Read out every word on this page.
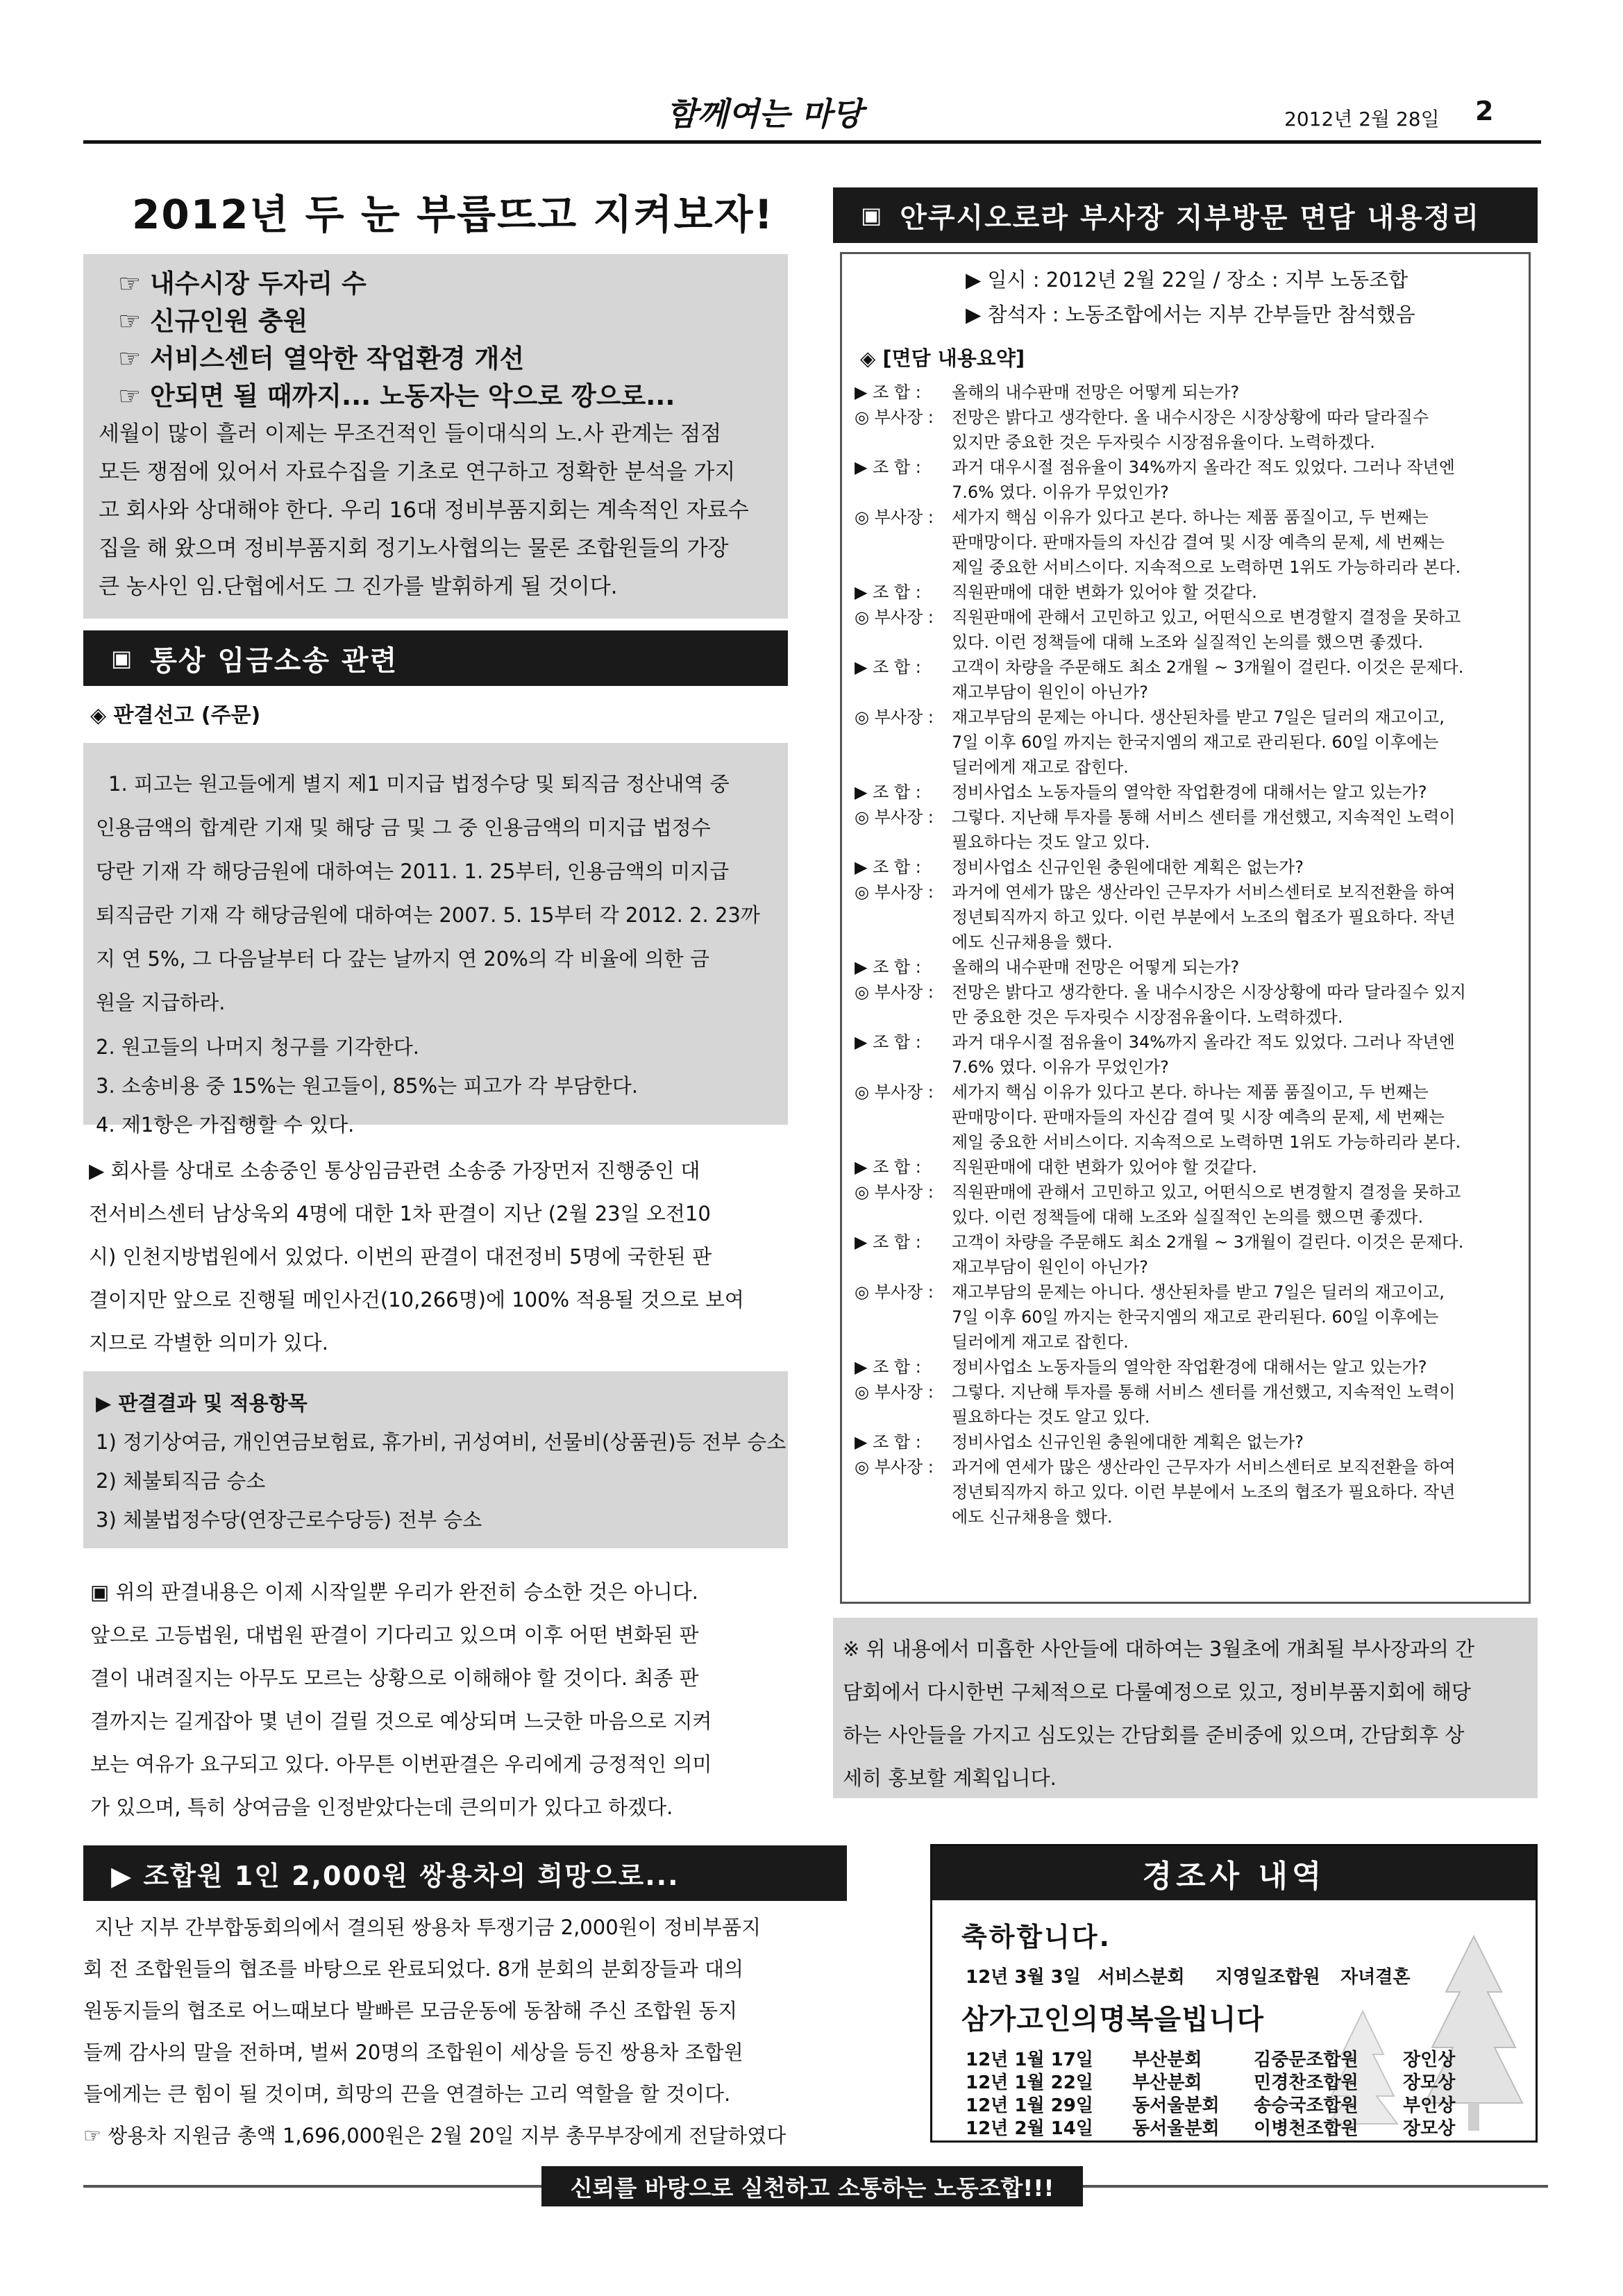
함께여는 마당	2012년 2월 28일 2
2012년 두 눈 부릅뜨고 지켜보자!
☞ 내수시장 두자리 수
☞ 신규인원 충원
☞ 서비스센터 열악한 작업환경 개선
☞ 안되면 될 때까지... 노동자는 악으로 깡으로...
세월이 많이 흘러 이제는 무조건적인 들이대식의 노.사 관계는 점점
모든 쟁점에 있어서 자료수집을 기초로 연구하고 정확한 분석을 가지
고 회사와 상대해야 한다. 우리 16대 정비부품지회는 계속적인 자료수
집을 해 왔으며 정비부품지회 정기노사협의는 물론 조합원들의 가장
큰 농사인 임.단협에서도 그 진가를 발휘하게 될 것이다.
▣ 통상 임금소송 관련
◈ 판결선고 (주문)
1. 피고는 원고들에게 별지 제1 미지급 법정수당 및 퇴직금 정산내역 중
인용금액의 합계란 기재 및 해당 금 및 그 중 인용금액의 미지급 법정수
당란 기재 각 해당금원에 대하여는 2011. 1. 25부터, 인용금액의 미지급
퇴직금란 기재 각 해당금원에 대하여는 2007. 5. 15부터 각 2012. 2. 23까
지 연 5%, 그 다음날부터 다 갚는 날까지 연 20%의 각 비율에 의한 금
원을 지급하라.
2. 원고들의 나머지 청구를 기각한다.
3. 소송비용 중 15%는 원고들이, 85%는 피고가 각 부담한다.
4. 제1항은 가집행할 수 있다.
▶ 회사를 상대로 소송중인 통상임금관련 소송중 가장먼저 진행중인 대
전서비스센터 남상욱외 4명에 대한 1차 판결이 지난 (2월 23일 오전10
시) 인천지방법원에서 있었다. 이번의 판결이 대전정비 5명에 국한된 판
결이지만 앞으로 진행될 메인사건(10,266명)에 100% 적용될 것으로 보여
지므로 각별한 의미가 있다.
▶ 판결결과 및 적용항목
1) 정기상여금, 개인연금보험료, 휴가비, 귀성여비, 선물비(상품권)등 전부 승소
2) 체불퇴직금 승소
3) 체불법정수당(연장근로수당등) 전부 승소
▣ 위의 판결내용은 이제 시작일뿐 우리가 완전히 승소한 것은 아니다.
앞으로 고등법원, 대법원 판결이 기다리고 있으며 이후 어떤 변화된 판
결이 내려질지는 아무도 모르는 상황으로 이해해야 할 것이다. 최종 판
결까지는 길게잡아 몇 년이 걸릴 것으로 예상되며 느긋한 마음으로 지켜
보는 여유가 요구되고 있다. 아무튼 이번판결은 우리에게 긍정적인 의미
가 있으며, 특히 상여금을 인정받았다는데 큰의미가 있다고 하겠다.
▣ 안쿠시오로라 부사장 지부방문 면담 내용정리
▶ 일시 : 2012년 2월 22일 / 장소 : 지부 노동조합
▶ 참석자 : 노동조합에서는 지부 간부들만 참석했음
◈ [면담 내용요약]
▶ 조 합 :	올해의 내수판매 전망은 어떻게 되는가?
◎ 부사장 :	전망은 밝다고 생각한다. 올 내수시장은 시장상황에 따라 달라질수
있지만 중요한 것은 두자릿수 시장점유율이다. 노력하겠다.
▶ 조 합 :	과거 대우시절 점유율이 34%까지 올라간 적도 있었다. 그러나 작년엔
7.6% 였다. 이유가 무었인가?
◎ 부사장 :	세가지 핵심 이유가 있다고 본다. 하나는 제품 품질이고, 두 번째는
판매망이다. 판매자들의 자신감 결여 및 시장 예측의 문제, 세 번째는
제일 중요한 서비스이다. 지속적으로 노력하면 1위도 가능하리라 본다.
▶ 조 합 :	직원판매에 대한 변화가 있어야 할 것같다.
◎ 부사장 :	직원판매에 관해서 고민하고 있고, 어떤식으로 변경할지 결정을 못하고
있다. 이런 정책들에 대해 노조와 실질적인 논의를 했으면 좋겠다.
▶ 조 합 :	고객이 차량을 주문해도 최소 2개월 ~ 3개월이 걸린다. 이것은 문제다.
재고부담이 원인이 아닌가?
◎ 부사장 :	재고부담의 문제는 아니다. 생산된차를 받고 7일은 딜러의 재고이고,
7일 이후 60일 까지는 한국지엠의 재고로 관리된다. 60일 이후에는
딜러에게 재고로 잡힌다.
▶ 조 합 :	정비사업소 노동자들의 열악한 작업환경에 대해서는 알고 있는가?
◎ 부사장 :	그렇다. 지난해 투자를 통해 서비스 센터를 개선했고, 지속적인 노력이
필요하다는 것도 알고 있다.
▶ 조 합 :	정비사업소 신규인원 충원에대한 계획은 없는가?
◎ 부사장 :	과거에 연세가 많은 생산라인 근무자가 서비스센터로 보직전환을 하여
정년퇴직까지 하고 있다. 이런 부분에서 노조의 협조가 필요하다. 작년
에도 신규채용을 했다.
▶ 조 합 :	올해의 내수판매 전망은 어떻게 되는가?
◎ 부사장 :	전망은 밝다고 생각한다. 올 내수시장은 시장상황에 따라 달라질수 있지
만 중요한 것은 두자릿수 시장점유율이다. 노력하겠다.
▶ 조 합 :	과거 대우시절 점유율이 34%까지 올라간 적도 있었다. 그러나 작년엔
7.6% 였다. 이유가 무었인가?
◎ 부사장 :	세가지 핵심 이유가 있다고 본다. 하나는 제품 품질이고, 두 번째는
판매망이다. 판매자들의 자신감 결여 및 시장 예측의 문제, 세 번째는
제일 중요한 서비스이다. 지속적으로 노력하면 1위도 가능하리라 본다.
▶ 조 합 :	직원판매에 대한 변화가 있어야 할 것같다.
◎ 부사장 :	직원판매에 관해서 고민하고 있고, 어떤식으로 변경할지 결정을 못하고
있다. 이런 정책들에 대해 노조와 실질적인 논의를 했으면 좋겠다.
▶ 조 합 :	고객이 차량을 주문해도 최소 2개월 ~ 3개월이 걸린다. 이것은 문제다.
재고부담이 원인이 아닌가?
◎ 부사장 :	재고부담의 문제는 아니다. 생산된차를 받고 7일은 딜러의 재고이고,
7일 이후 60일 까지는 한국지엠의 재고로 관리된다. 60일 이후에는
딜러에게 재고로 잡힌다.
▶ 조 합 :	정비사업소 노동자들의 열악한 작업환경에 대해서는 알고 있는가?
◎ 부사장 :	그렇다. 지난해 투자를 통해 서비스 센터를 개선했고, 지속적인 노력이
필요하다는 것도 알고 있다.
▶ 조 합 :	정비사업소 신규인원 충원에대한 계획은 없는가?
◎ 부사장 :	과거에 연세가 많은 생산라인 근무자가 서비스센터로 보직전환을 하여
정년퇴직까지 하고 있다. 이런 부분에서 노조의 협조가 필요하다. 작년
에도 신규채용을 했다.
※ 위 내용에서 미흡한 사안들에 대하여는 3월초에 개최될 부사장과의 간
담회에서 다시한번 구체적으로 다룰예정으로 있고, 정비부품지회에 해당
하는 사안들을 가지고 심도있는 간담회를 준비중에 있으며, 간담회후 상
세히 홍보할 계획입니다.
▶ 조합원 1인 2,000원 쌍용차의 희망으로...
지난 지부 간부합동회의에서 결의된 쌍용차 투쟁기금 2,000원이 정비부품지
회 전 조합원들의 협조를 바탕으로 완료되었다. 8개 분회의 분회장들과 대의
원동지들의 협조로 어느때보다 발빠른 모금운동에 동참해 주신 조합원 동지
들께 감사의 말을 전하며, 벌써 20명의 조합원이 세상을 등진 쌍용차 조합원
들에게는 큰 힘이 될 것이며, 희망의 끈을 연결하는 고리 역할을 할 것이다.
☞ 쌍용차 지원금 총액 1,696,000원은 2월 20일 지부 총무부장에게 전달하였다
경조사 내역
축하합니다.
12년 3월 3일 서비스분회	지영일조합원	자녀결혼
삼가고인의명복을빕니다
12년 1월 17일	부산분회	김중문조합원	장인상
12년 1월 22일	부산분회	민경찬조합원	장모상
12년 1월 29일	동서울분회	송승국조합원	부인상
12년 2월 14일	동서울분회	이병천조합원	장모상
신뢰를 바탕으로 실천하고 소통하는 노동조합!!!
